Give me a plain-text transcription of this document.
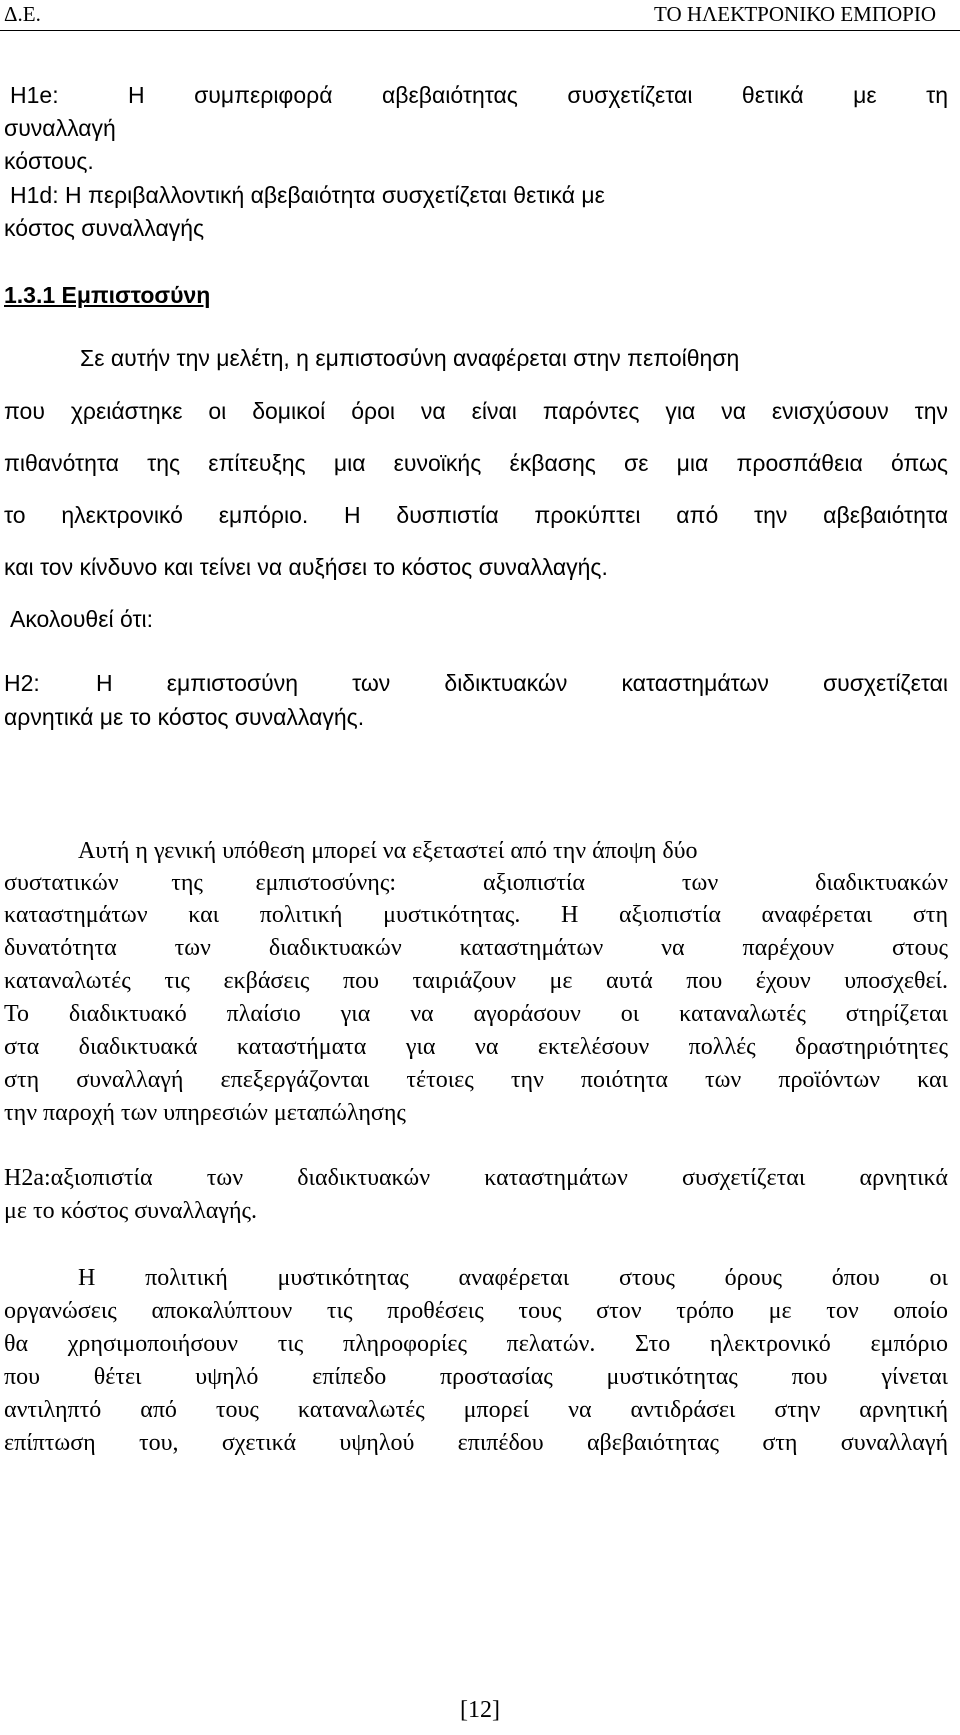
Δ.Ε.	ΤΟ ΗΛΕΚΤΡΟΝΙΚΟ ΕΜΠΟΡΙΟ
H1e:	Η συμπεριφορά αβεβαιότητας συσχετίζεται θετικά με τη
συναλλαγή
κόστους.
H1d: Η περιβαλλοντική αβεβαιότητα συσχετίζεται θετικά με
κόστος συναλλαγής
1.3.1 Εμπιστοσύνη
Σε αυτήν την μελέτη, η εμπιστοσύνη αναφέρεται στην πεποίθηση
που χρειάστηκε οι δομικοί όροι να είναι παρόντες για να ενισχύσουν την
πιθανότητα της επίτευξης μια ευνοϊκής έκβασης σε μια προσπάθεια όπως
το ηλεκτρονικό εμπόριο. Η δυσπιστία προκύπτει από την αβεβαιότητα
και τον κίνδυνο και τείνει να αυξήσει το κόστος συναλλαγής.
Ακολουθεί ότι:
H2: Η εμπιστοσύνη των διδικτυακών καταστημάτων συσχετίζεται
αρνητικά με το κόστος συναλλαγής.
Αυτή η γενική υπόθεση μπορεί να εξεταστεί από την άποψη δύο
συστατικών της εμπιστοσύνης:	αξιοπιστία των διαδικτυακών
καταστημάτων και πολιτική μυστικότητας. Η αξιοπιστία αναφέρεται στη
δυνατότητα των διαδικτυακών καταστημάτων να παρέχουν στους
καταναλωτές τις εκβάσεις που ταιριάζουν με αυτά που έχουν υποσχεθεί.
Το διαδικτυακό πλαίσιο για να αγοράσουν οι καταναλωτές στηρίζεται
στα διαδικτυακά καταστήματα για να εκτελέσουν πολλές δραστηριότητες
στη συναλλαγή επεξεργάζονται τέτοιες την ποιότητα των προϊόντων και
την παροχή των υπηρεσιών μεταπώλησης
H2a:αξιοπιστία των διαδικτυακών καταστημάτων συσχετίζεται αρνητικά
με το κόστος συναλλαγής.
Η πολιτική μυστικότητας αναφέρεται στους όρους όπου οι
οργανώσεις αποκαλύπτουν τις προθέσεις τους στον τρόπο με τον οποίο
θα χρησιμοποιήσουν τις πληροφορίες πελατών. Στο ηλεκτρονικό εμπόριο
που θέτει υψηλό επίπεδο προστασίας μυστικότητας που γίνεται
αντιληπτό από τους καταναλωτές μπορεί να αντιδράσει στην αρνητική
επίπτωση του, σχετικά υψηλού επιπέδου αβεβαιότητας στη συναλλαγή
[12]
